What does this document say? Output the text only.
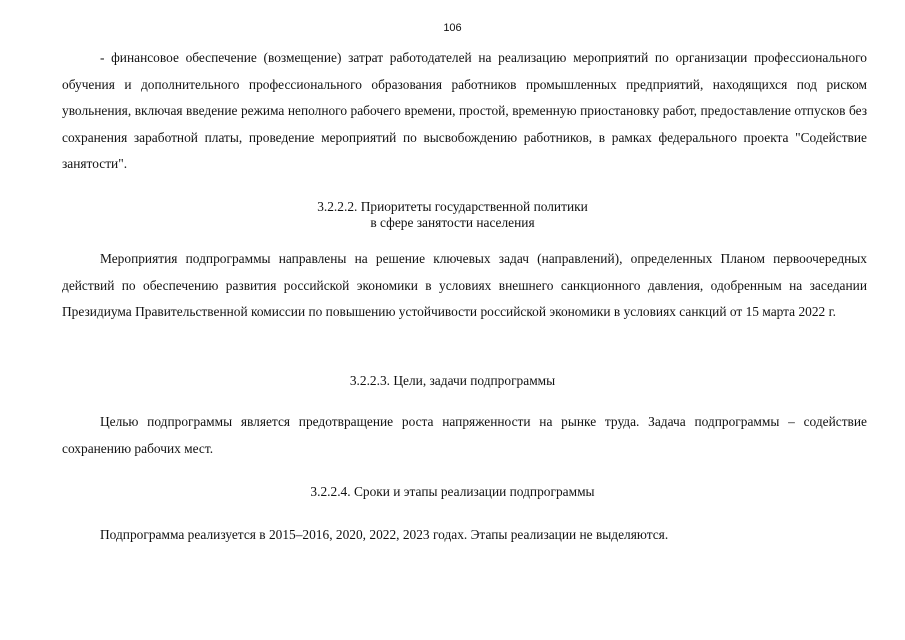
106

- финансовое обеспечение (возмещение) затрат работодателей на реализацию мероприятий по организации профессионального обучения и дополнительного профессионального образования работников промышленных предприятий, находящихся под риском увольнения, включая введение режима неполного рабочего времени, простой, временную приостановку работ, предоставление отпусков без сохранения заработной платы, проведение мероприятий по высвобождению работников, в рамках федерального проекта "Содействие занятости".

3.2.2.2. Приоритеты государственной политики
в сфере занятости населения

Мероприятия подпрограммы направлены на решение ключевых задач (направлений), определенных Планом первоочередных действий по обеспечению развития российской экономики в условиях внешнего санкционного давления, одобренным на заседании Президиума Правительственной комиссии по повышению устойчивости российской экономики в условиях санкций от 15 марта 2022 г.

3.2.2.3. Цели, задачи подпрограммы

Целью подпрограммы является предотвращение роста напряженности на рынке труда. Задача подпрограммы – содействие сохранению рабочих мест.

3.2.2.4. Сроки и этапы реализации подпрограммы

Подпрограмма реализуется в 2015–2016, 2020, 2022, 2023 годах. Этапы реализации не выделяются.
